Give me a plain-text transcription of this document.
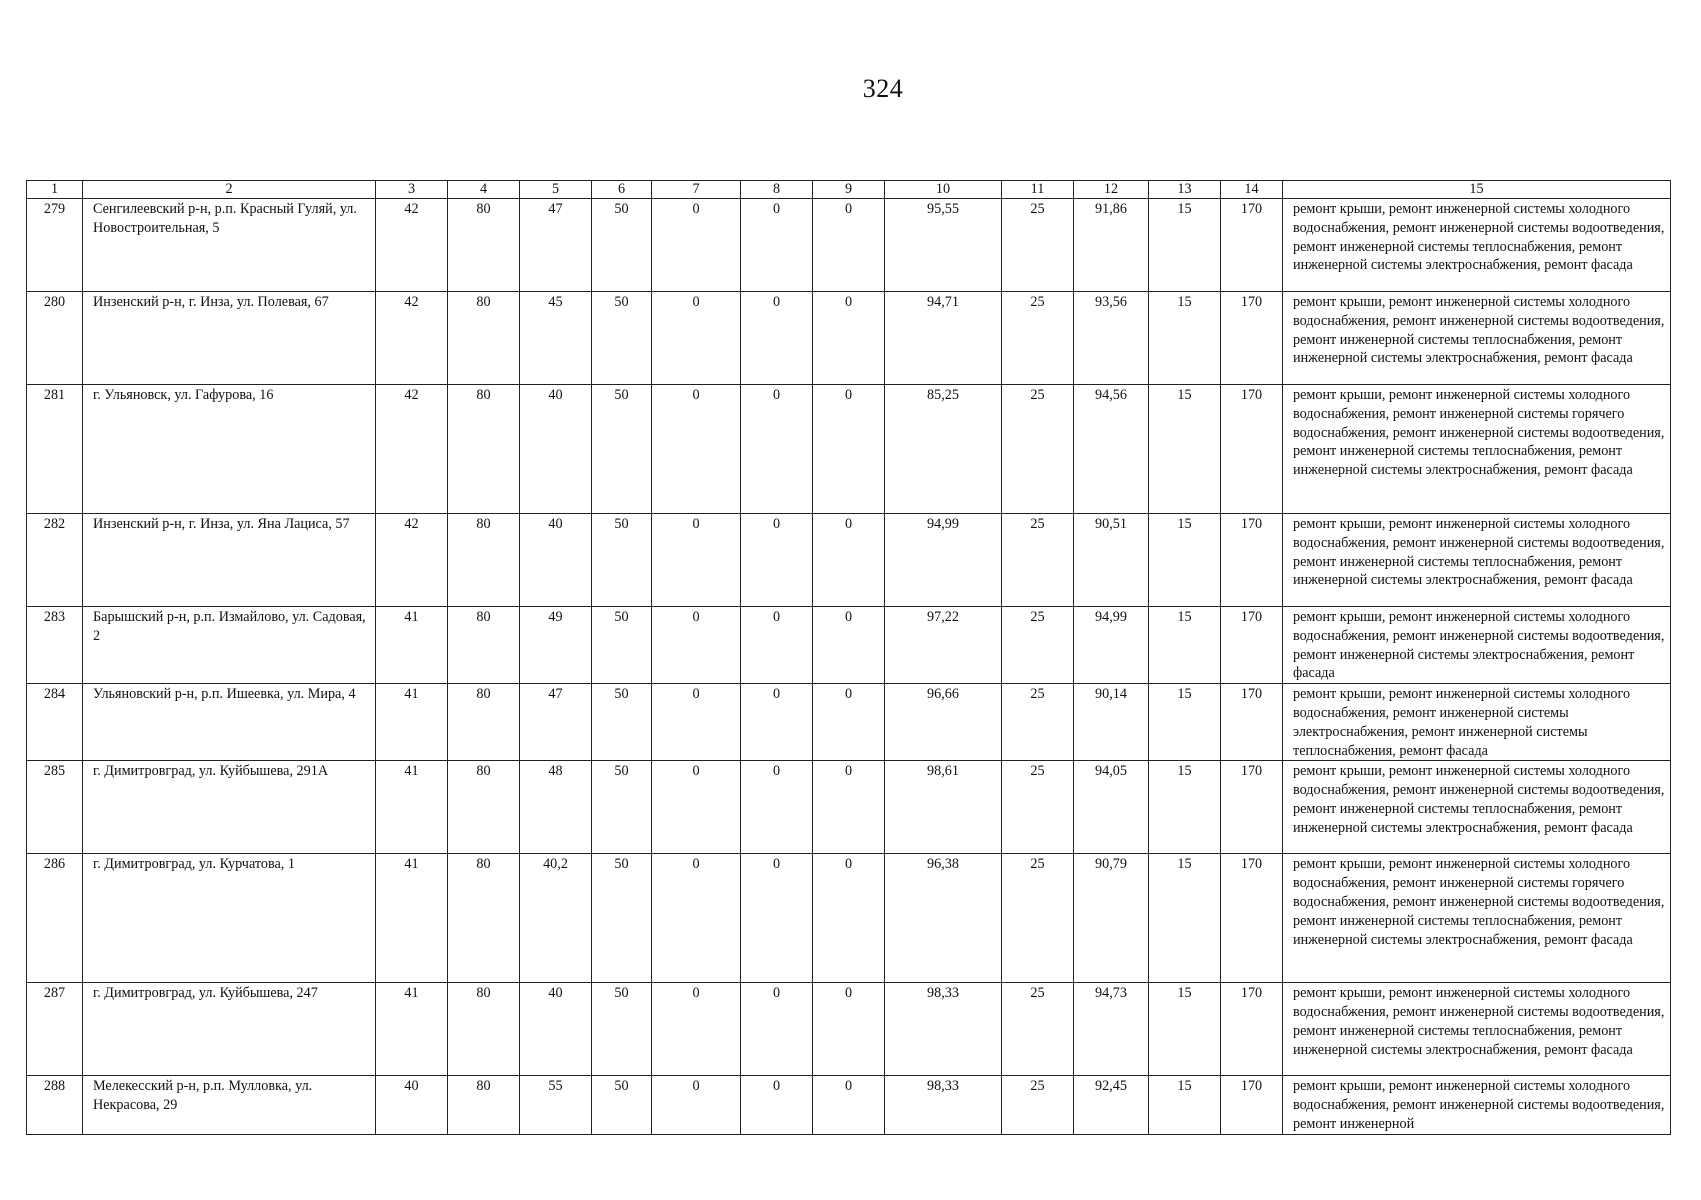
324
1	2	3	4	5	6	7	8	9	10	11	12	13	14	15
279	Сенгилеевский р-н, р.п. Красный Гуляй, ул. Новостроительная, 5	42	80	47	50	0	0	0	95,55	25	91,86	15	170	ремонт крыши, ремонт инженерной системы холодного водоснабжения, ремонт инженерной системы водоотведения, ремонт инженерной системы теплоснабжения, ремонт инженерной системы электроснабжения, ремонт фасада
280	Инзенский р-н, г. Инза, ул. Полевая, 67	42	80	45	50	0	0	0	94,71	25	93,56	15	170	ремонт крыши, ремонт инженерной системы холодного водоснабжения, ремонт инженерной системы водоотведения, ремонт инженерной системы теплоснабжения, ремонт инженерной системы электроснабжения, ремонт фасада
281	г. Ульяновск, ул. Гафурова, 16	42	80	40	50	0	0	0	85,25	25	94,56	15	170	ремонт крыши, ремонт инженерной системы холодного водоснабжения, ремонт инженерной системы горячего водоснабжения, ремонт инженерной системы водоотведения, ремонт инженерной системы теплоснабжения, ремонт инженерной системы электроснабжения, ремонт фасада
282	Инзенский р-н, г. Инза, ул. Яна Лациса, 57	42	80	40	50	0	0	0	94,99	25	90,51	15	170	ремонт крыши, ремонт инженерной системы холодного водоснабжения, ремонт инженерной системы водоотведения, ремонт инженерной системы теплоснабжения, ремонт инженерной системы электроснабжения, ремонт фасада
283	Барышский р-н, р.п. Измайлово, ул. Садовая, 2	41	80	49	50	0	0	0	97,22	25	94,99	15	170	ремонт крыши, ремонт инженерной системы холодного водоснабжения, ремонт инженерной системы водоотведения, ремонт инженерной системы электроснабжения, ремонт фасада
284	Ульяновский р-н, р.п. Ишеевка, ул. Мира, 4	41	80	47	50	0	0	0	96,66	25	90,14	15	170	ремонт крыши, ремонт инженерной системы холодного водоснабжения, ремонт инженерной системы электроснабжения, ремонт инженерной системы теплоснабжения, ремонт фасада
285	г. Димитровград, ул. Куйбышева, 291А	41	80	48	50	0	0	0	98,61	25	94,05	15	170	ремонт крыши, ремонт инженерной системы холодного водоснабжения, ремонт инженерной системы водоотведения, ремонт инженерной системы теплоснабжения, ремонт инженерной системы электроснабжения, ремонт фасада
286	г. Димитровград, ул. Курчатова, 1	41	80	40,2	50	0	0	0	96,38	25	90,79	15	170	ремонт крыши, ремонт инженерной системы холодного водоснабжения, ремонт инженерной системы горячего водоснабжения, ремонт инженерной системы водоотведения, ремонт инженерной системы теплоснабжения, ремонт инженерной системы электроснабжения, ремонт фасада
287	г. Димитровград, ул. Куйбышева, 247	41	80	40	50	0	0	0	98,33	25	94,73	15	170	ремонт крыши, ремонт инженерной системы холодного водоснабжения, ремонт инженерной системы водоотведения, ремонт инженерной системы теплоснабжения, ремонт инженерной системы электроснабжения, ремонт фасада
288	Мелекесский р-н, р.п. Мулловка, ул. Некрасова, 29	40	80	55	50	0	0	0	98,33	25	92,45	15	170	ремонт крыши, ремонт инженерной системы холодного водоснабжения, ремонт инженерной системы водоотведения, ремонт инженерной
